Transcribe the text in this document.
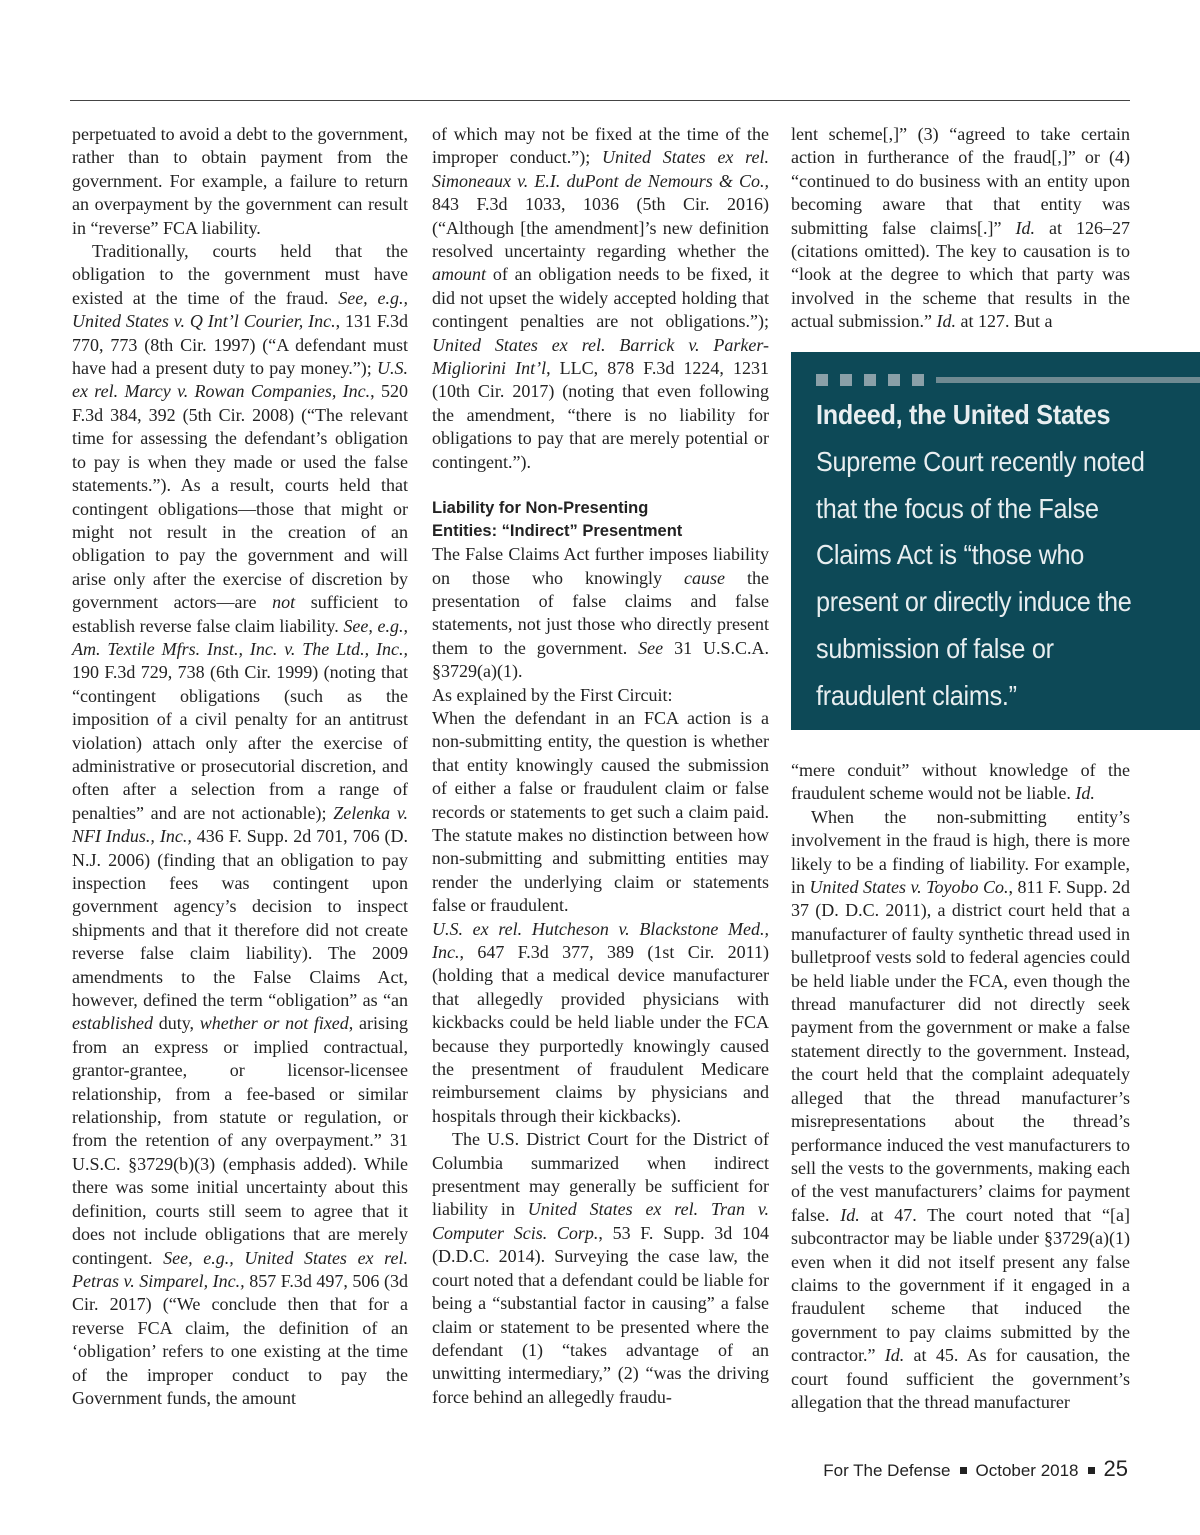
perpetuated to avoid a debt to the government, rather than to obtain payment from the government. For example, a failure to return an overpayment by the government can result in “reverse” FCA liability.

Traditionally, courts held that the obligation to the government must have existed at the time of the fraud. See, e.g., United States v. Q Int’l Courier, Inc., 131 F.3d 770, 773 (8th Cir. 1997) (“A defendant must have had a present duty to pay money.”); U.S. ex rel. Marcy v. Rowan Companies, Inc., 520 F.3d 384, 392 (5th Cir. 2008) (“The relevant time for assessing the defendant’s obligation to pay is when they made or used the false statements.”). As a result, courts held that contingent obligations—those that might or might not result in the creation of an obligation to pay the government and will arise only after the exercise of discretion by government actors—are not sufficient to establish reverse false claim liability. See, e.g., Am. Textile Mfrs. Inst., Inc. v. The Ltd., Inc., 190 F.3d 729, 738 (6th Cir. 1999) (noting that “contingent obligations (such as the imposition of a civil penalty for an antitrust violation) attach only after the exercise of administrative or prosecutorial discretion, and often after a selection from a range of penalties” and are not actionable); Zelenka v. NFI Indus., Inc., 436 F. Supp. 2d 701, 706 (D. N.J. 2006) (finding that an obligation to pay inspection fees was contingent upon government agency’s decision to inspect shipments and that it therefore did not create reverse false claim liability). The 2009 amendments to the False Claims Act, however, defined the term “obligation” as “an established duty, whether or not fixed, arising from an express or implied contractual, grantor-grantee, or licensor-licensee relationship, from a fee-based or similar relationship, from statute or regulation, or from the retention of any overpayment.” 31 U.S.C. §3729(b)(3) (emphasis added). While there was some initial uncertainty about this definition, courts still seem to agree that it does not include obligations that are merely contingent. See, e.g., United States ex rel. Petras v. Simparel, Inc., 857 F.3d 497, 506 (3d Cir. 2017) (“We conclude then that for a reverse FCA claim, the definition of an ‘obligation’ refers to one existing at the time of the improper conduct to pay the Government funds, the amount

of which may not be fixed at the time of the improper conduct.”); United States ex rel. Simoneaux v. E.I. duPont de Nemours & Co., 843 F.3d 1033, 1036 (5th Cir. 2016) (“Although [the amendment]’s new definition resolved uncertainty regarding whether the amount of an obligation needs to be fixed, it did not upset the widely accepted holding that contingent penalties are not obligations.”); United States ex rel. Barrick v. Parker-Migliorini Int’l, LLC, 878 F.3d 1224, 1231 (10th Cir. 2017) (noting that even following the amendment, “there is no liability for obligations to pay that are merely potential or contingent.”).

Liability for Non-Presenting
Entities: “Indirect” Presentment

The False Claims Act further imposes liability on those who knowingly cause the presentation of false claims and false statements, not just those who directly present them to the government. See 31 U.S.C.A. §3729(a)(1).

As explained by the First Circuit:

When the defendant in an FCA action is a non-submitting entity, the question is whether that entity knowingly caused the submission of either a false or fraudulent claim or false records or statements to get such a claim paid. The statute makes no distinction between how non-submitting and submitting entities may render the underlying claim or statements false or fraudulent.

U.S. ex rel. Hutcheson v. Blackstone Med., Inc., 647 F.3d 377, 389 (1st Cir. 2011) (holding that a medical device manufacturer that allegedly provided physicians with kickbacks could be held liable under the FCA because they purportedly knowingly caused the presentment of fraudulent Medicare reimbursement claims by physicians and hospitals through their kickbacks).

The U.S. District Court for the District of Columbia summarized when indirect presentment may generally be sufficient for liability in United States ex rel. Tran v. Computer Scis. Corp., 53 F. Supp. 3d 104 (D.D.C. 2014). Surveying the case law, the court noted that a defendant could be liable for being a “substantial factor in causing” a false claim or statement to be presented where the defendant (1) “takes advantage of an unwitting intermediary,” (2) “was the driving force behind an allegedly fraudu-

lent scheme[,]” (3) “agreed to take certain action in furtherance of the fraud[,]” or (4) “continued to do business with an entity upon becoming aware that that entity was submitting false claims[.]” Id. at 126–27 (citations omitted). The key to causation is to “look at the degree to which that party was involved in the scheme that results in the actual submission.” Id. at 127. But a

Indeed, the United States
Supreme Court recently noted that the focus of the False Claims Act is “those who present or directly induce the submission of false or fraudulent claims.”

“mere conduit” without knowledge of the fraudulent scheme would not be liable. Id.

When the non-submitting entity’s involvement in the fraud is high, there is more likely to be a finding of liability. For example, in United States v. Toyobo Co., 811 F. Supp. 2d 37 (D. D.C. 2011), a district court held that a manufacturer of faulty synthetic thread used in bulletproof vests sold to federal agencies could be held liable under the FCA, even though the thread manufacturer did not directly seek payment from the government or make a false statement directly to the government. Instead, the court held that the complaint adequately alleged that the thread manufacturer’s misrepresentations about the thread’s performance induced the vest manufacturers to sell the vests to the governments, making each of the vest manufacturers’ claims for payment false. Id. at 47. The court noted that “[a] subcontractor may be liable under §3729(a)(1) even when it did not itself present any false claims to the government if it engaged in a fraudulent scheme that induced the government to pay claims submitted by the contractor.” Id. at 45. As for causation, the court found sufficient the government’s allegation that the thread manufacturer

For The Defense October 2018 25
